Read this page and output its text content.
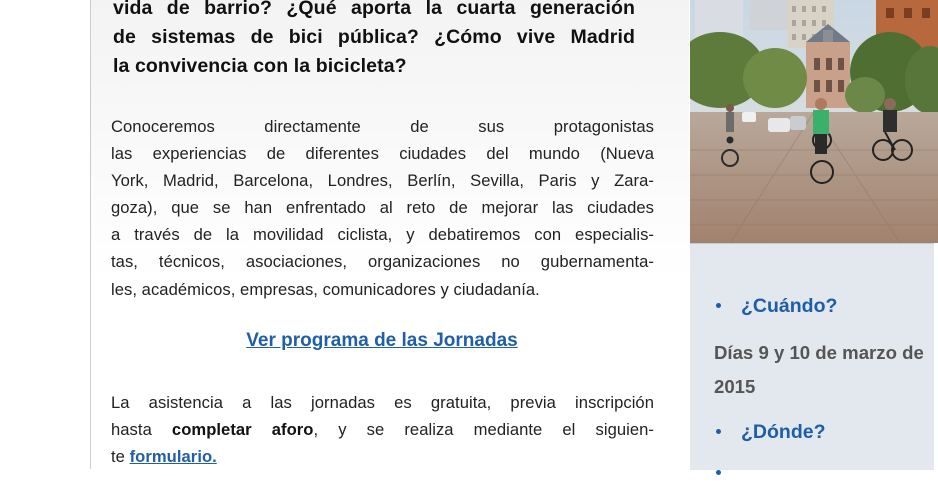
vida de barrio? ¿Qué aporta la cuarta generación
de sistemas de bici pública? ¿Cómo vive Madrid
la convivencia con la bicicleta?
Conoceremos directamente de sus protagonistas
las experiencias de diferentes ciudades del mundo (Nueva
York, Madrid, Barcelona, Londres, Berlín, Sevilla, Paris y Zara-
goza), que se han enfrentado al reto de mejorar las ciudades
a través de la movilidad ciclista, y debatiremos con especialis-
tas, técnicos, asociaciones, organizaciones no gubernamenta-
les, académicos, empresas, comunicadores y ciudadanía.
Ver programa de las Jornadas
La asistencia a las jornadas es gratuita, previa inscripción
hasta completar aforo, y se realiza mediante el siguien-
te formulario.
¿Cuándo?
Días 9 y 10 de marzo de 2015
¿Dónde?
